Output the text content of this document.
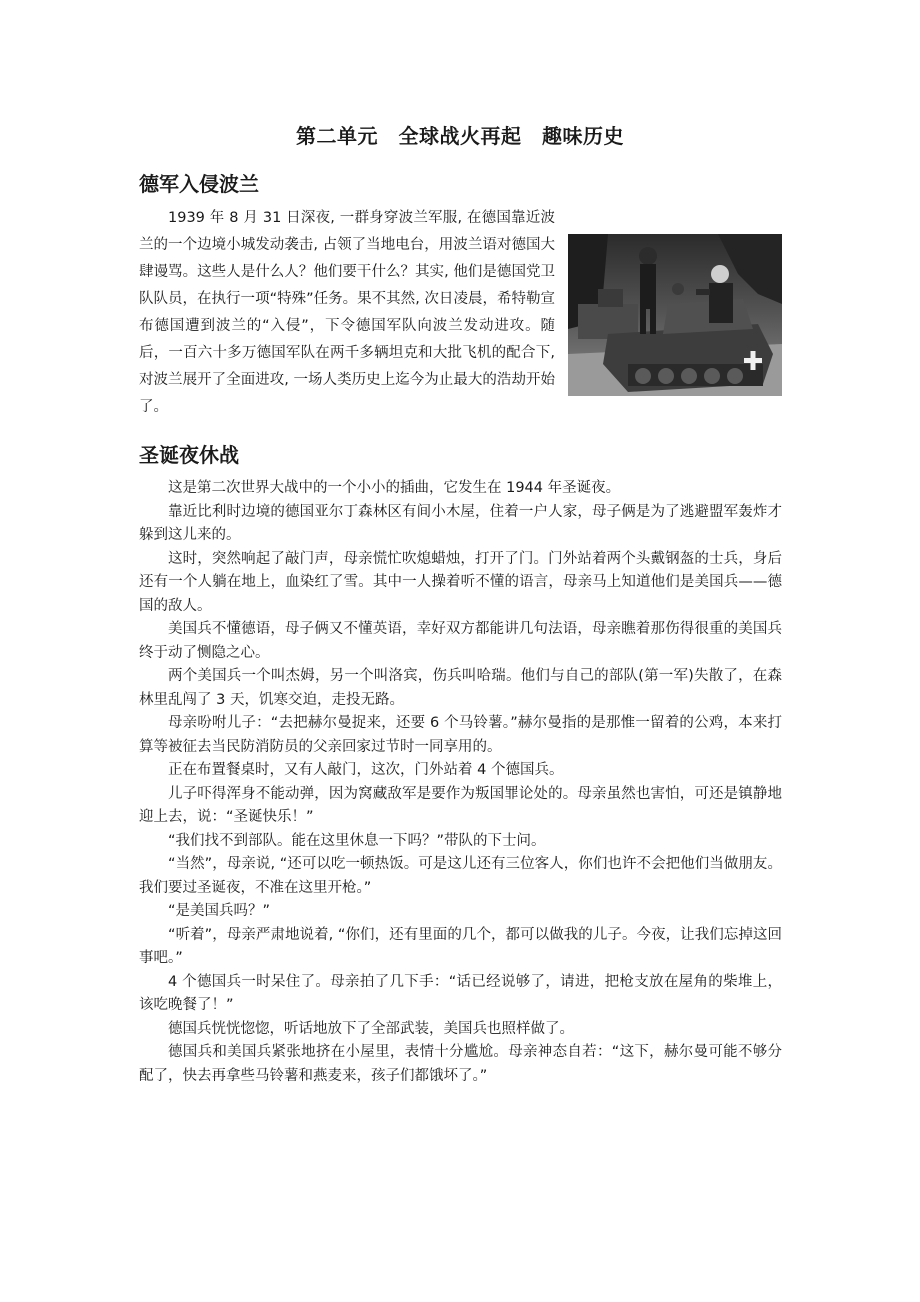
第二单元　全球战火再起　趣味历史
德军入侵波兰

1939 年 8 月 31 日深夜, 一群身穿波兰军服, 在德国靠近波兰的一个边境小城发动袭击, 占领了当地电台，用波兰语对德国大肆谩骂。这些人是什么人？他们要干什么？其实, 他们是德国党卫队队员，在执行一项“特殊”任务。果不其然, 次日凌晨，希特勒宣布德国遭到波兰的“入侵”，下令德国军队向波兰发动进攻。随后，一百六十多万德国军队在两千多辆坦克和大批飞机的配合下, 对波兰展开了全面进攻, 一场人类历史上迄今为止最大的浩劫开始了。

圣诞夜休战

这是第二次世界大战中的一个小小的插曲，它发生在 1944 年圣诞夜。

靠近比利时边境的德国亚尔丁森林区有间小木屋，住着一户人家，母子俩是为了逃避盟军轰炸才躲到这儿来的。

这时，突然响起了敲门声，母亲慌忙吹熄蜡烛，打开了门。门外站着两个头戴钢盔的士兵，身后还有一个人躺在地上，血染红了雪。其中一人操着听不懂的语言，母亲马上知道他们是美国兵——德国的敌人。

美国兵不懂德语，母子俩又不懂英语，幸好双方都能讲几句法语，母亲瞧着那伤得很重的美国兵终于动了恻隐之心。

两个美国兵一个叫杰姆，另一个叫洛宾，伤兵叫哈瑞。他们与自己的部队(第一军)失散了，在森林里乱闯了 3 天，饥寒交迫，走投无路。

母亲吩咐儿子：“去把赫尔曼捉来，还要 6 个马铃薯。”赫尔曼指的是那惟一留着的公鸡，本来打算等被征去当民防消防员的父亲回家过节时一同享用的。

正在布置餐桌时，又有人敲门，这次，门外站着 4 个德国兵。

儿子吓得浑身不能动弹，因为窝藏敌军是要作为叛国罪论处的。母亲虽然也害怕，可还是镇静地迎上去，说：“圣诞快乐！”

“我们找不到部队。能在这里休息一下吗？”带队的下士问。

“当然”，母亲说, “还可以吃一顿热饭。可是这儿还有三位客人，你们也许不会把他们当做朋友。我们要过圣诞夜，不准在这里开枪。”

“是美国兵吗？”

“听着”，母亲严肃地说着, “你们，还有里面的几个，都可以做我的儿子。今夜，让我们忘掉这回事吧。”

4 个德国兵一时呆住了。母亲拍了几下手：“话已经说够了，请进，把枪支放在屋角的柴堆上，该吃晚餐了！”

德国兵恍恍惚惚，听话地放下了全部武装，美国兵也照样做了。

德国兵和美国兵紧张地挤在小屋里，表情十分尴尬。母亲神态自若：“这下，赫尔曼可能不够分配了，快去再拿些马铃薯和燕麦来，孩子们都饿坏了。”
